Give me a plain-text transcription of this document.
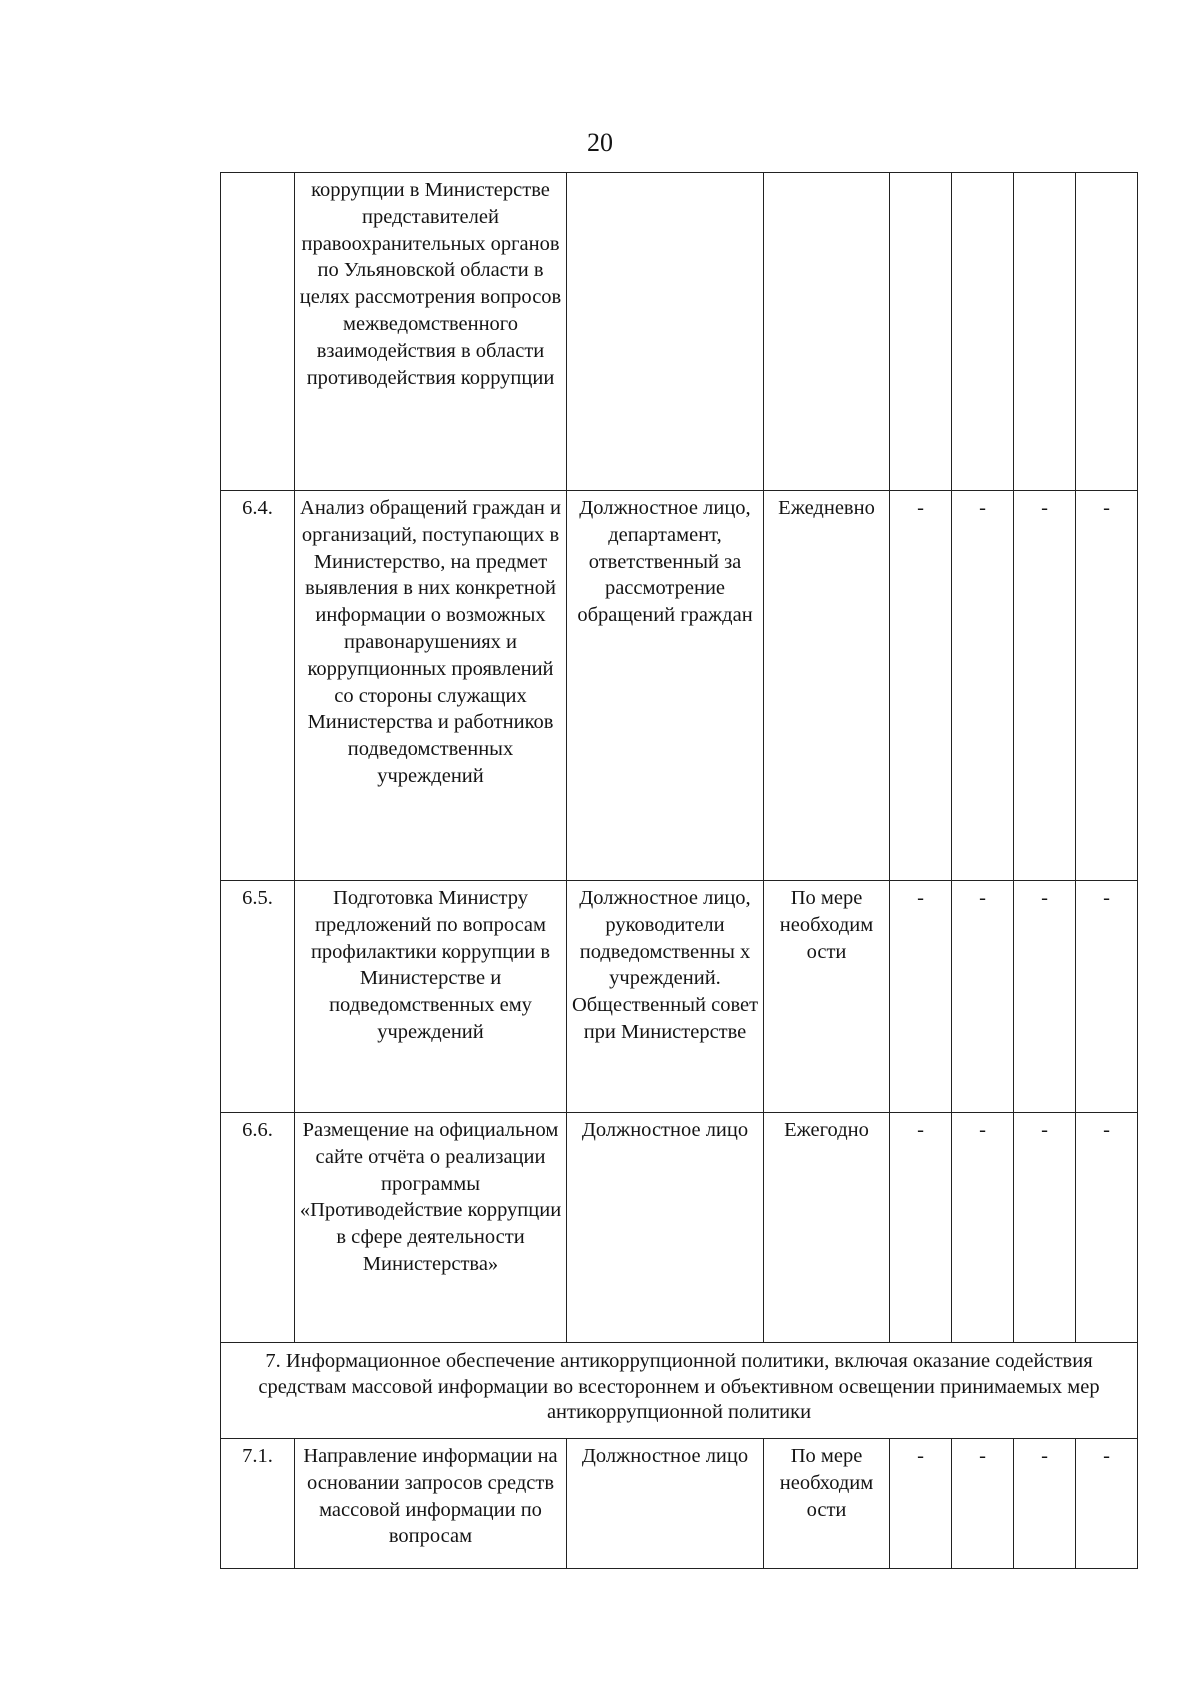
20
	коррупции в Министерстве представителей правоохранительных органов по Ульяновской области в целях рассмотрения вопросов межведомственного взаимодействия в области противодействия коррупции						
6.4.	Анализ обращений граждан и организаций, поступающих в Министерство, на предмет выявления в них конкретной информации о возможных правонарушениях и коррупционных проявлений со стороны служащих Министерства и работников подведомственных учреждений	Должностное лицо, департамент, ответственный за рассмотрение обращений граждан	Ежедневно	-	-	-	-
6.5.	Подготовка Министру предложений по вопросам профилактики коррупции в Министерстве и подведомственных ему учреждений	Должностное лицо, руководители подведомственны х учреждений. Общественный совет при Министерстве	По мере необходим ости	-	-	-	-
6.6.	Размещение на официальном сайте отчёта о реализации программы «Противодействие коррупции в сфере деятельности Министерства»	Должностное лицо	Ежегодно	-	-	-	-
7. Информационное обеспечение антикоррупционной политики, включая оказание содействия средствам массовой информации во всестороннем и объективном освещении принимаемых мер антикоррупционной политики							
7.1.	Направление информации на основании запросов средств массовой информации по вопросам	Должностное лицо	По мере необходим ости	-	-	-	-
